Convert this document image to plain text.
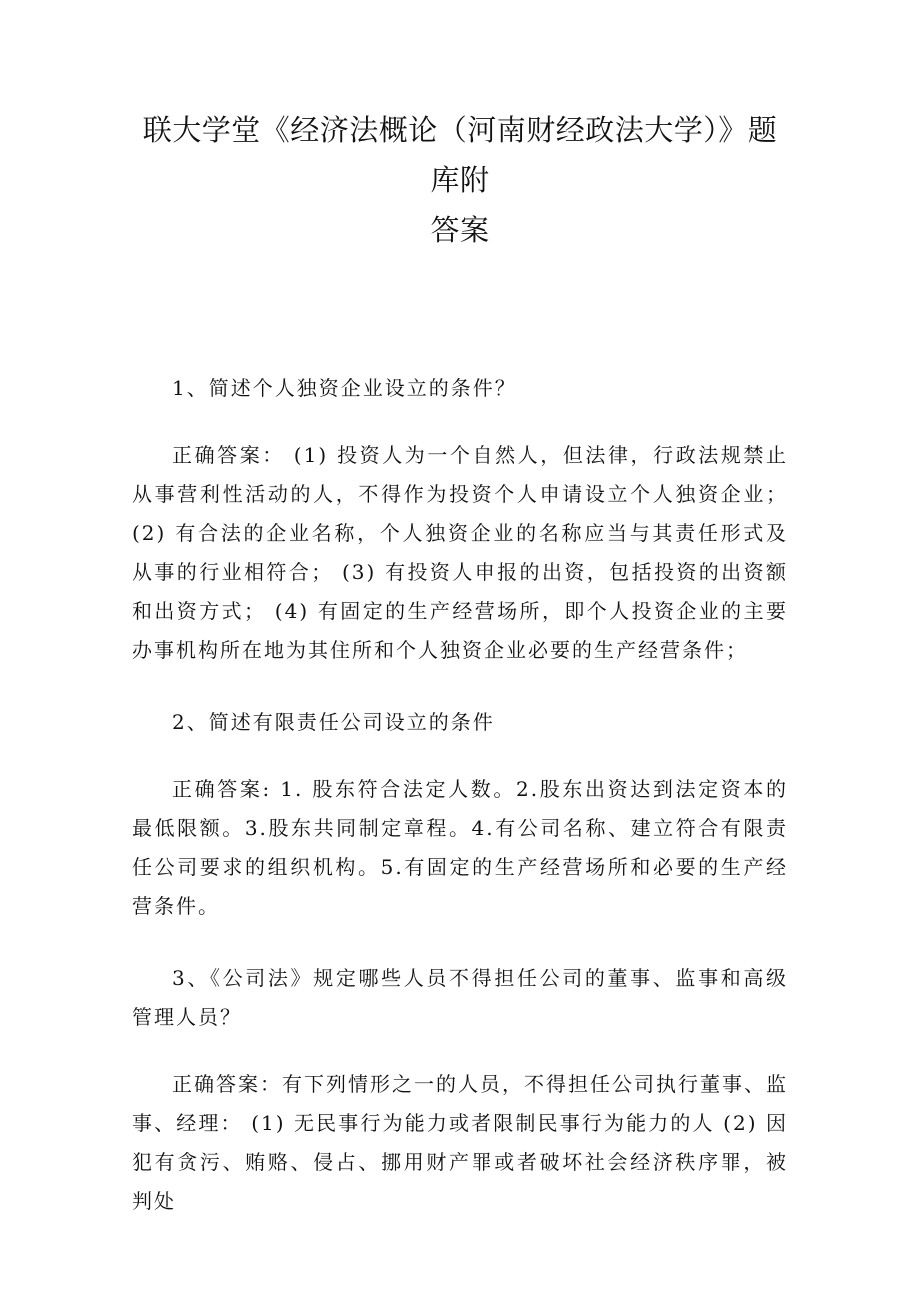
联大学堂《经济法概论（河南财经政法大学）》题库附
答案

1、简述个人独资企业设立的条件？

正确答案： (1) 投资人为一个自然人，但法律，行政法规禁止从事营利性活动的人，不得作为投资个人申请设立个人独资企业； (2) 有合法的企业名称，个人独资企业的名称应当与其责任形式及从事的行业相符合； (3) 有投资人申报的出资，包括投资的出资额和出资方式； (4) 有固定的生产经营场所，即个人投资企业的主要办事机构所在地为其住所和个人独资企业必要的生产经营条件；

2、简述有限责任公司设立的条件

正确答案: 1. 股东符合法定人数。2.股东出资达到法定资本的最低限额。3.股东共同制定章程。4.有公司名称、建立符合有限责任公司要求的组织机构。5.有固定的生产经营场所和必要的生产经营条件。

3、《公司法》规定哪些人员不得担任公司的董事、监事和高级管理人员？

正确答案：有下列情形之一的人员，不得担任公司执行董事、监事、经理： (1) 无民事行为能力或者限制民事行为能力的人 (2) 因犯有贪污、贿赂、侵占、挪用财产罪或者破坏社会经济秩序罪，被判处
